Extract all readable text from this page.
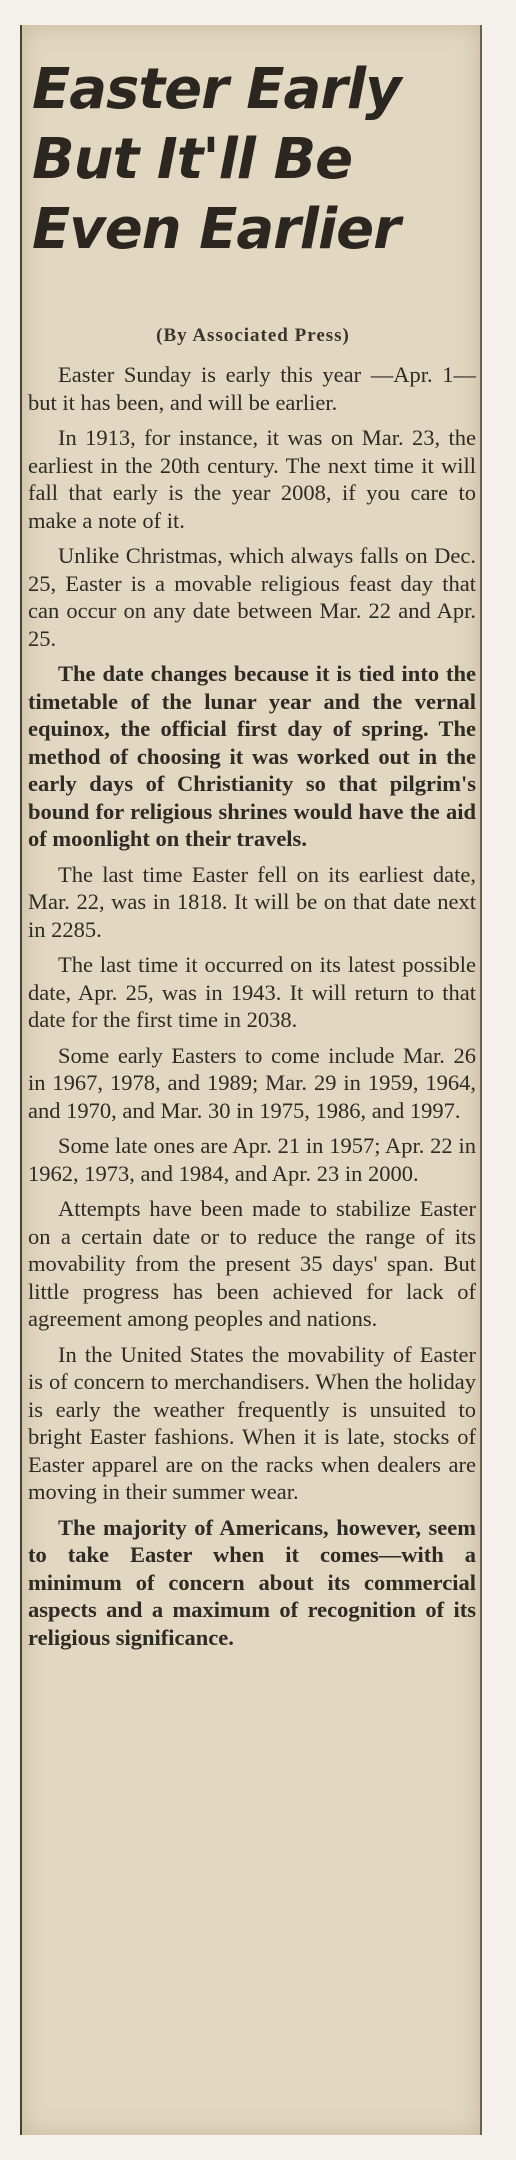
Easter Early But It'll Be Even Earlier
(By Associated Press)

Easter Sunday is early this year —Apr. 1—but it has been, and will be earlier.

In 1913, for instance, it was on Mar. 23, the earliest in the 20th century. The next time it will fall that early is the year 2008, if you care to make a note of it.

Unlike Christmas, which always falls on Dec. 25, Easter is a movable religious feast day that can occur on any date between Mar. 22 and Apr. 25.

The date changes because it is tied into the timetable of the lunar year and the vernal equinox, the official first day of spring. The method of choosing it was worked out in the early days of Christianity so that pilgrim's bound for religious shrines would have the aid of moonlight on their travels.

The last time Easter fell on its earliest date, Mar. 22, was in 1818. It will be on that date next in 2285.

The last time it occurred on its latest possible date, Apr. 25, was in 1943. It will return to that date for the first time in 2038.

Some early Easters to come include Mar. 26 in 1967, 1978, and 1989; Mar. 29 in 1959, 1964, and 1970, and Mar. 30 in 1975, 1986, and 1997.

Some late ones are Apr. 21 in 1957; Apr. 22 in 1962, 1973, and 1984, and Apr. 23 in 2000.

Attempts have been made to stabilize Easter on a certain date or to reduce the range of its movability from the present 35 days' span. But little progress has been achieved for lack of agreement among peoples and nations.

In the United States the movability of Easter is of concern to merchandisers. When the holiday is early the weather frequently is unsuited to bright Easter fashions. When it is late, stocks of Easter apparel are on the racks when dealers are moving in their summer wear.

The majority of Americans, however, seem to take Easter when it comes—with a minimum of concern about its commercial aspects and a maximum of recognition of its religious significance.
